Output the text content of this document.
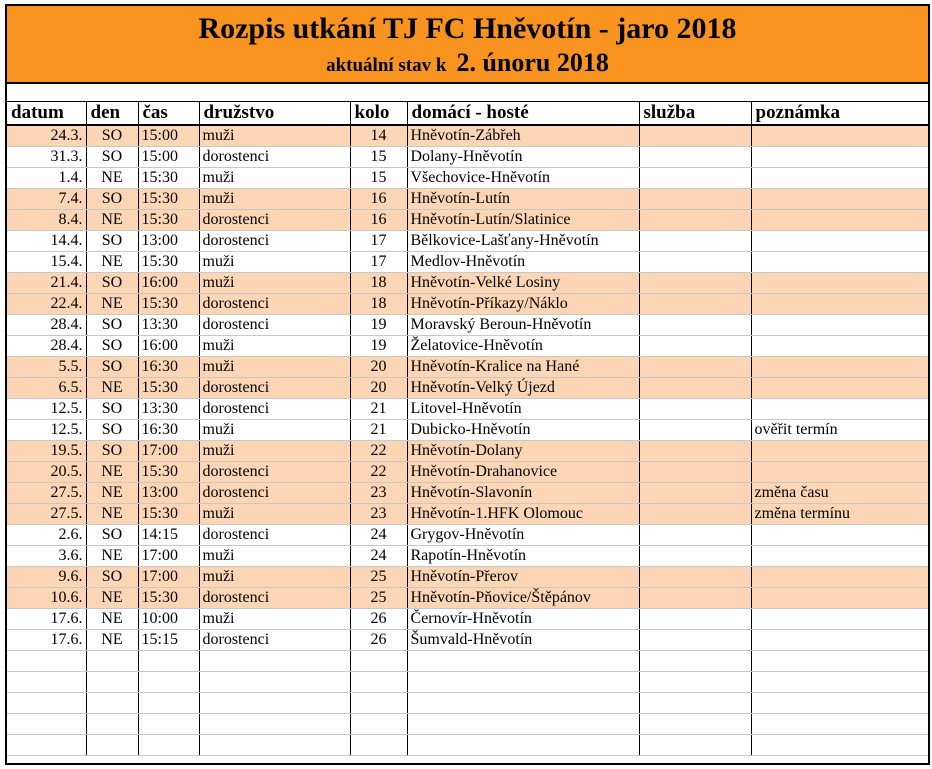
Rozpis utkání TJ FC Hněvotín - jaro 2018
aktuální stav k 2. únoru 2018
datum	den	čas	družstvo	kolo	domácí - hosté	služba	poznámka
24.3.	SO	15:00	muži	14	Hněvotín-Zábřeh		
31.3.	SO	15:00	dorostenci	15	Dolany-Hněvotín		
1.4.	NE	15:30	muži	15	Všechovice-Hněvotín		
7.4.	SO	15:30	muži	16	Hněvotín-Lutín		
8.4.	NE	15:30	dorostenci	16	Hněvotín-Lutín/Slatinice		
14.4.	SO	13:00	dorostenci	17	Bělkovice-Lašťany-Hněvotín		
15.4.	NE	15:30	muži	17	Medlov-Hněvotín		
21.4.	SO	16:00	muži	18	Hněvotín-Velké Losiny		
22.4.	NE	15:30	dorostenci	18	Hněvotín-Příkazy/Náklo		
28.4.	SO	13:30	dorostenci	19	Moravský Beroun-Hněvotín		
28.4.	SO	16:00	muži	19	Želatovice-Hněvotín		
5.5.	SO	16:30	muži	20	Hněvotín-Kralice na Hané		
6.5.	NE	15:30	dorostenci	20	Hněvotín-Velký Újezd		
12.5.	SO	13:30	dorostenci	21	Litovel-Hněvotín		
12.5.	SO	16:30	muži	21	Dubicko-Hněvotín		ověřit termín
19.5.	SO	17:00	muži	22	Hněvotín-Dolany		
20.5.	NE	15:30	dorostenci	22	Hněvotín-Drahanovice		
27.5.	NE	13:00	dorostenci	23	Hněvotín-Slavonín		změna času
27.5.	NE	15:30	muži	23	Hněvotín-1.HFK Olomouc		změna termínu
2.6.	SO	14:15	dorostenci	24	Grygov-Hněvotín		
3.6.	NE	17:00	muži	24	Rapotín-Hněvotín		
9.6.	SO	17:00	muži	25	Hněvotín-Přerov		
10.6.	NE	15:30	dorostenci	25	Hněvotín-Pňovice/Štěpánov		
17.6.	NE	10:00	muži	26	Černovír-Hněvotín		
17.6.	NE	15:15	dorostenci	26	Šumvald-Hněvotín		
